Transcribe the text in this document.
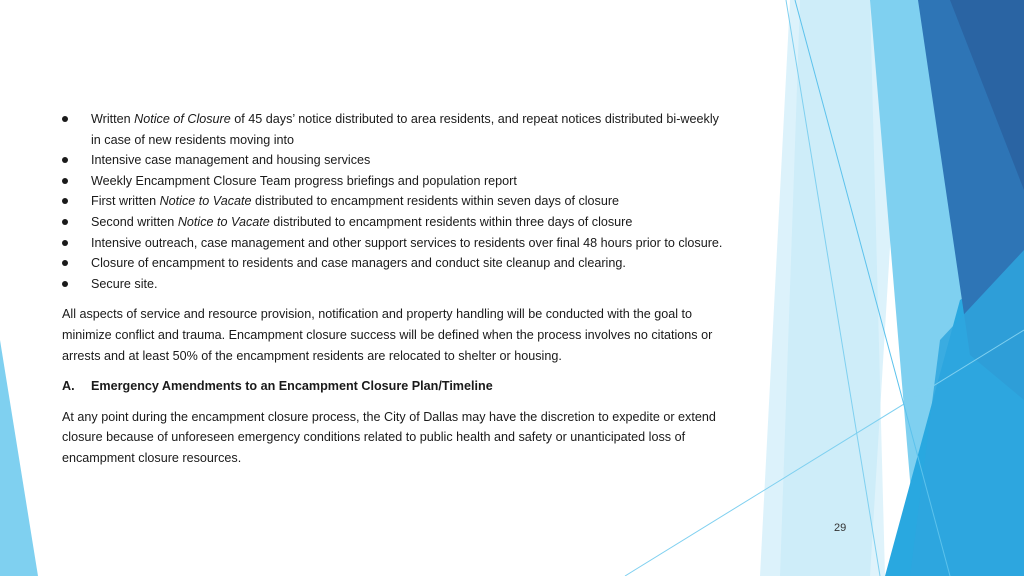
Written Notice of Closure of 45 days’ notice distributed to area residents, and repeat notices distributed bi-weekly
in case of new residents moving into
Intensive case management and housing services
Weekly Encampment Closure Team progress briefings and population report
First written Notice to Vacate distributed to encampment residents within seven days of closure
Second written Notice to Vacate distributed to encampment residents within three days of closure
Intensive outreach, case management and other support services to residents over final 48 hours prior to closure.
Closure of encampment to residents and case managers and conduct site cleanup and clearing.
Secure site.

All aspects of service and resource provision, notification and property handling will be conducted with the goal to
minimize conflict and trauma. Encampment closure success will be defined when the process involves no citations or
arrests and at least 50% of the encampment residents are relocated to shelter or housing.

A.	Emergency Amendments to an Encampment Closure Plan/Timeline

At any point during the encampment closure process, the City of Dallas may have the discretion to expedite or extend
closure because of unforeseen emergency conditions related to public health and safety or unanticipated loss of
encampment closure resources.

29
